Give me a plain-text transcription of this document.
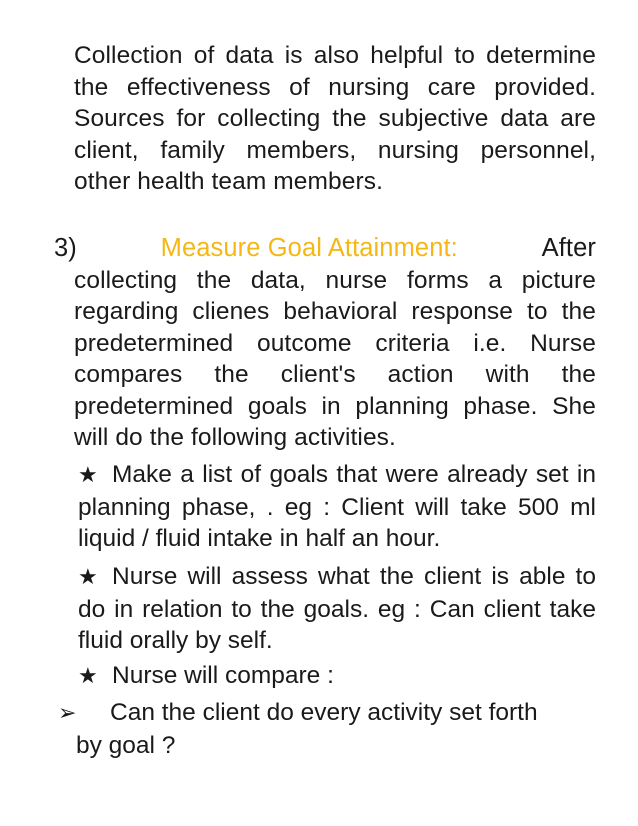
Collection of data is also helpful to determine the effectiveness of nursing care provided. Sources for collecting the subjective data are client, family members, nursing personnel, other health team members.
3)	Measure Goal Attainment:	After
collecting the data, nurse forms a picture regarding clienes behavioral response to the predetermined outcome criteria i.e. Nurse compares the client's action with the predetermined goals in planning phase. She will do the following activities.
★ Make a list of goals that were already set in planning phase, . eg : Client will take 500 ml liquid / fluid intake in half an hour.
★ Nurse will assess what the client is able to do in relation to the goals. eg : Can client take fluid orally by self.
★ Nurse will compare :
➢ Can the client do every activity set forth
by goal ?
